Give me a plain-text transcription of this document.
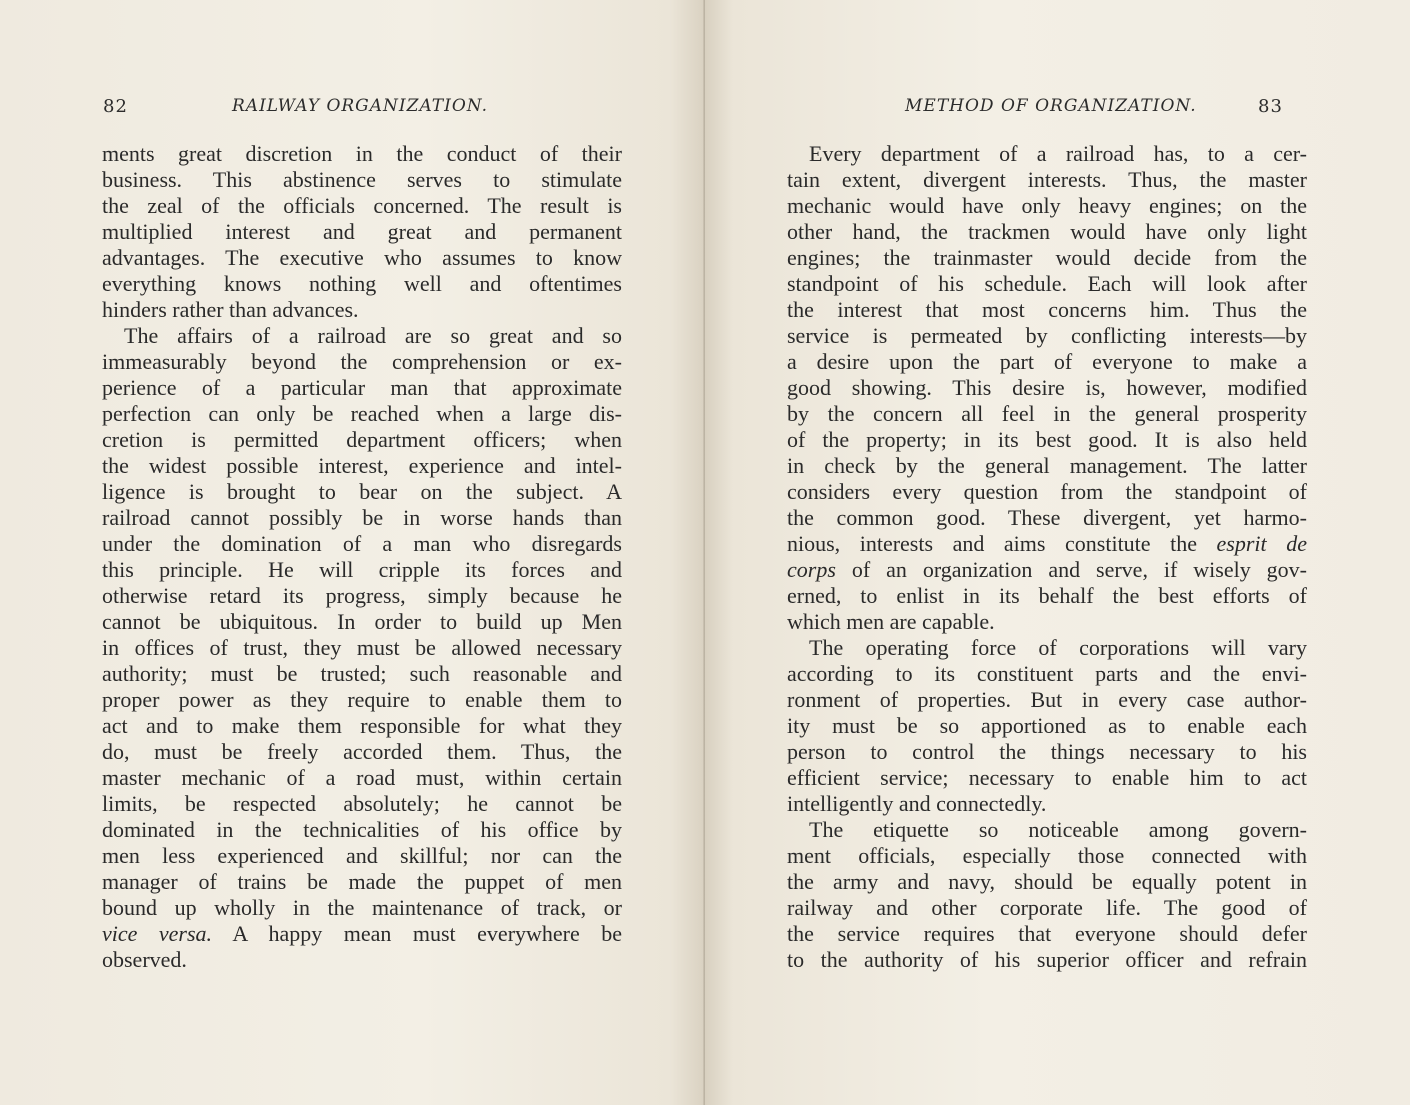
82	RAILWAY ORGANIZATION.
ments great discretion in the conduct of their
business. This abstinence serves to stimulate
the zeal of the officials concerned. The result is
multiplied interest and great and permanent
advantages. The executive who assumes to know
everything knows nothing well and oftentimes
hinders rather than advances.
The affairs of a railroad are so great and so
immeasurably beyond the comprehension or ex-
perience of a particular man that approximate
perfection can only be reached when a large dis-
cretion is permitted department officers; when
the widest possible interest, experience and intel-
ligence is brought to bear on the subject. A
railroad cannot possibly be in worse hands than
under the domination of a man who disregards
this principle. He will cripple its forces and
otherwise retard its progress, simply because he
cannot be ubiquitous. In order to build up Men
in offices of trust, they must be allowed necessary
authority; must be trusted; such reasonable and
proper power as they require to enable them to
act and to make them responsible for what they
do, must be freely accorded them. Thus, the
master mechanic of a road must, within certain
limits, be respected absolutely; he cannot be
dominated in the technicalities of his office by
men less experienced and skillful; nor can the
manager of trains be made the puppet of men
bound up wholly in the maintenance of track, or
vice versa. A happy mean must everywhere be
observed.
METHOD OF ORGANIZATION.	83
Every department of a railroad has, to a cer-
tain extent, divergent interests. Thus, the master
mechanic would have only heavy engines; on the
other hand, the trackmen would have only light
engines; the trainmaster would decide from the
standpoint of his schedule. Each will look after
the interest that most concerns him. Thus the
service is permeated by conflicting interests—by
a desire upon the part of everyone to make a
good showing. This desire is, however, modified
by the concern all feel in the general prosperity
of the property; in its best good. It is also held
in check by the general management. The latter
considers every question from the standpoint of
the common good. These divergent, yet harmo-
nious, interests and aims constitute the esprit de
corps of an organization and serve, if wisely gov-
erned, to enlist in its behalf the best efforts of
which men are capable.
The operating force of corporations will vary
according to its constituent parts and the envi-
ronment of properties. But in every case author-
ity must be so apportioned as to enable each
person to control the things necessary to his
efficient service; necessary to enable him to act
intelligently and connectedly.
The etiquette so noticeable among govern-
ment officials, especially those connected with
the army and navy, should be equally potent in
railway and other corporate life. The good of
the service requires that everyone should defer
to the authority of his superior officer and refrain
